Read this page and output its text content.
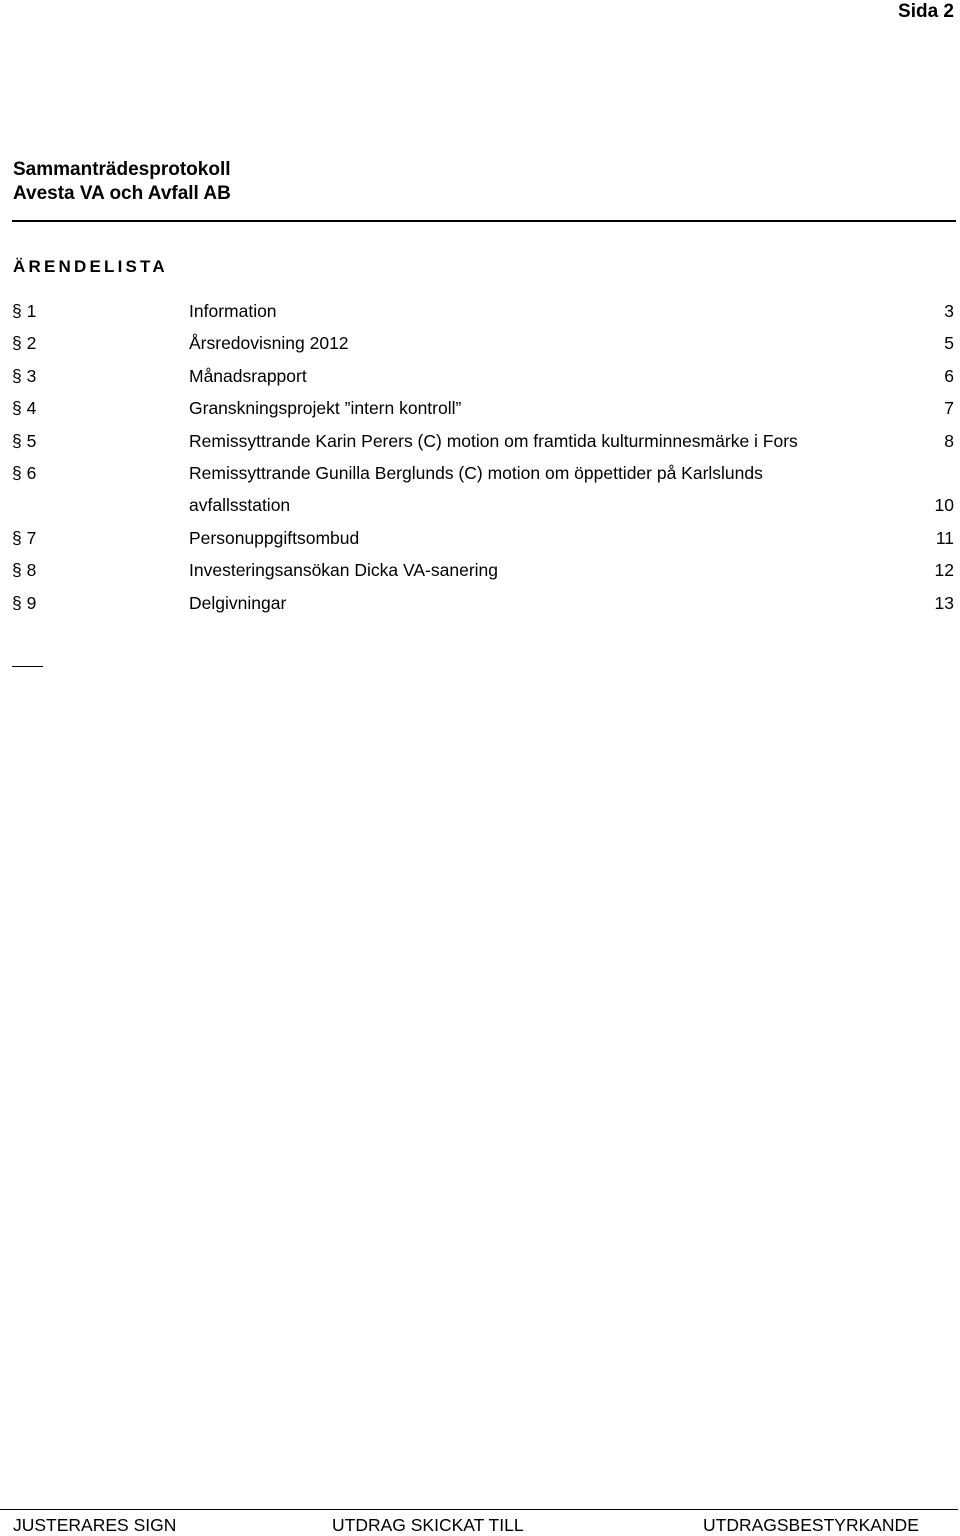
Sida 2
Sammanträdesprotokoll
Avesta VA och Avfall AB
ÄRENDELISTA
§ 1	Information	3
§ 2	Årsredovisning 2012	5
§ 3	Månadsrapport	6
§ 4	Granskningsprojekt ”intern kontroll”	7
§ 5	Remissyttrande Karin Perers (C) motion om framtida kulturminnesmärke i Fors	8
§ 6	Remissyttrande Gunilla Berglunds (C) motion om öppettider på Karlslunds
avfallsstation	10
§ 7	Personuppgiftsombud	11
§ 8	Investeringsansökan Dicka VA-sanering	12
§ 9	Delgivningar	13
JUSTERARES SIGN	UTDRAG SKICKAT TILL	UTDRAGSBESTYRKANDE
